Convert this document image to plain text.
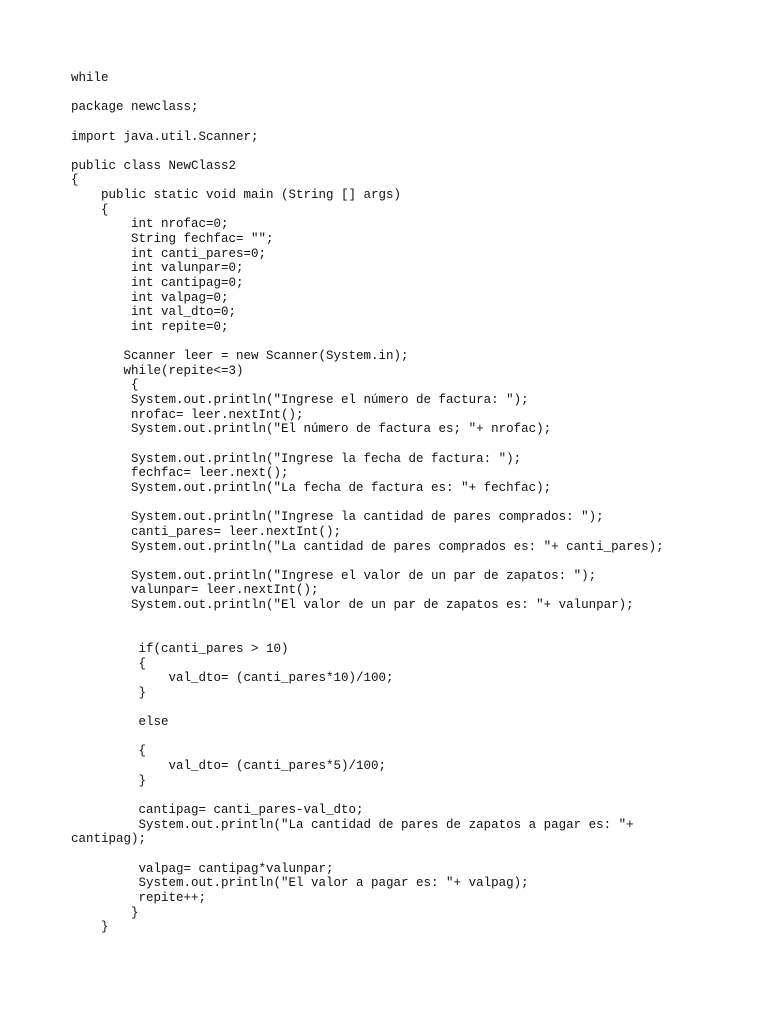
while
package newclass;
import java.util.Scanner;
public class NewClass2
{
public static void main (String [] args)
{
int nrofac=0;
String fechfac= "";
int canti_pares=0;
int valunpar=0;
int cantipag=0;
int valpag=0;
int val_dto=0;
int repite=0;
Scanner leer = new Scanner(System.in);
while(repite<=3)
{
System.out.println("Ingrese el número de factura: ");
nrofac= leer.nextInt();
System.out.println("El número de factura es; "+ nrofac);
System.out.println("Ingrese la fecha de factura: ");
fechfac= leer.next();
System.out.println("La fecha de factura es: "+ fechfac);
System.out.println("Ingrese la cantidad de pares comprados: ");
canti_pares= leer.nextInt();
System.out.println("La cantidad de pares comprados es: "+ canti_pares);
System.out.println("Ingrese el valor de un par de zapatos: ");
valunpar= leer.nextInt();
System.out.println("El valor de un par de zapatos es: "+ valunpar);
if(canti_pares > 10)
{
val_dto= (canti_pares*10)/100;
}
else
{
val_dto= (canti_pares*5)/100;
}
cantipag= canti_pares-val_dto;
System.out.println("La cantidad de pares de zapatos a pagar es: "+
cantipag);
valpag= cantipag*valunpar;
System.out.println("El valor a pagar es: "+ valpag);
repite++;
}
}
